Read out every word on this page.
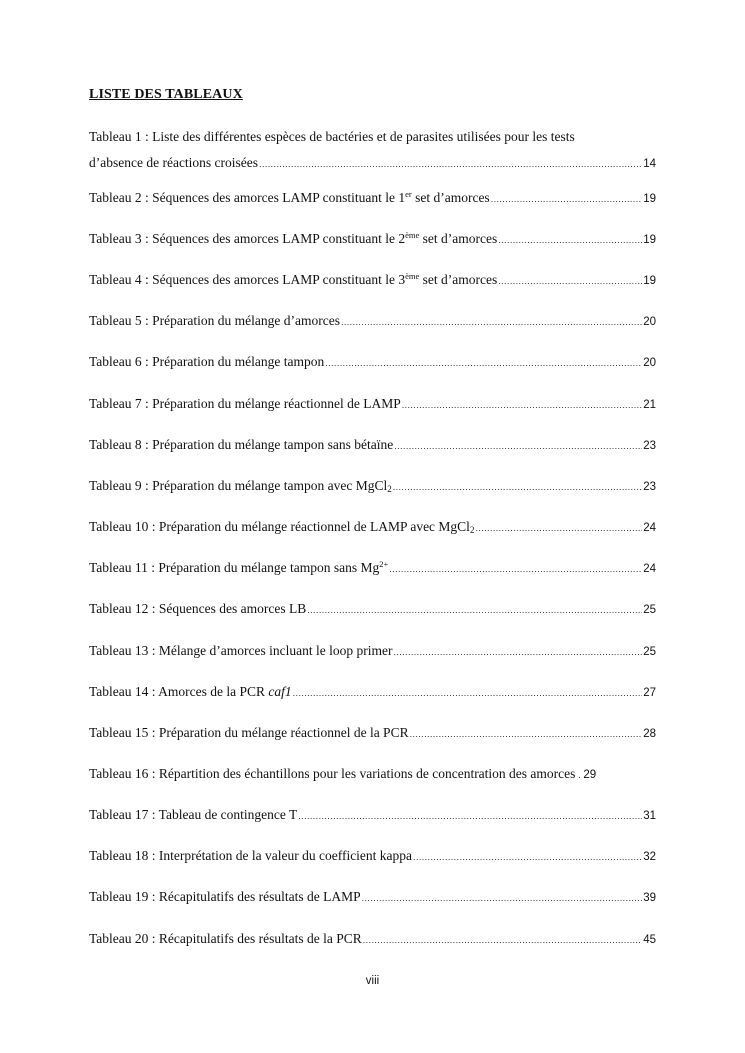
LISTE DES TABLEAUX
Tableau 1 : Liste des différentes espèces de bactéries et de parasites utilisées pour les tests
d’absence de réactions croisées .....	14
Tableau 2 : Séquences des amorces LAMP constituant le 1er set d’amorces .....	19
Tableau 3 : Séquences des amorces LAMP constituant le 2ème set d’amorces .....	19
Tableau 4 : Séquences des amorces LAMP constituant le 3ème set d’amorces .....	19
Tableau 5 : Préparation du mélange d’amorces .....	20
Tableau 6 : Préparation du mélange tampon .....	20
Tableau 7 : Préparation du mélange réactionnel de LAMP .....	21
Tableau 8 : Préparation du mélange tampon sans bétaïne .....	23
Tableau 9 : Préparation du mélange tampon avec MgCl$_2$ .....	23
Tableau 10 : Préparation du mélange réactionnel de LAMP avec MgCl$_2$ .....	24
Tableau 11 : Préparation du mélange tampon sans $Mg^{2+}$ .....	24
Tableau 12 : Séquences des amorces LB .....	25
Tableau 13 : Mélange d’amorces incluant le loop primer .....	25
Tableau 14 : Amorces de la PCR caf1 .....	27
Tableau 15 : Préparation du mélange réactionnel de la PCR .....	28
Tableau 16 : Répartition des échantillons pour les variations de concentration des amorces ..... 29
Tableau 17 : Tableau de contingence T .....	31
Tableau 18 : Interprétation de la valeur du coefficient kappa .....	32
Tableau 19 : Récapitulatifs des résultats de LAMP .....	39
Tableau 20 : Récapitulatifs des résultats de la PCR .....	45
viii
